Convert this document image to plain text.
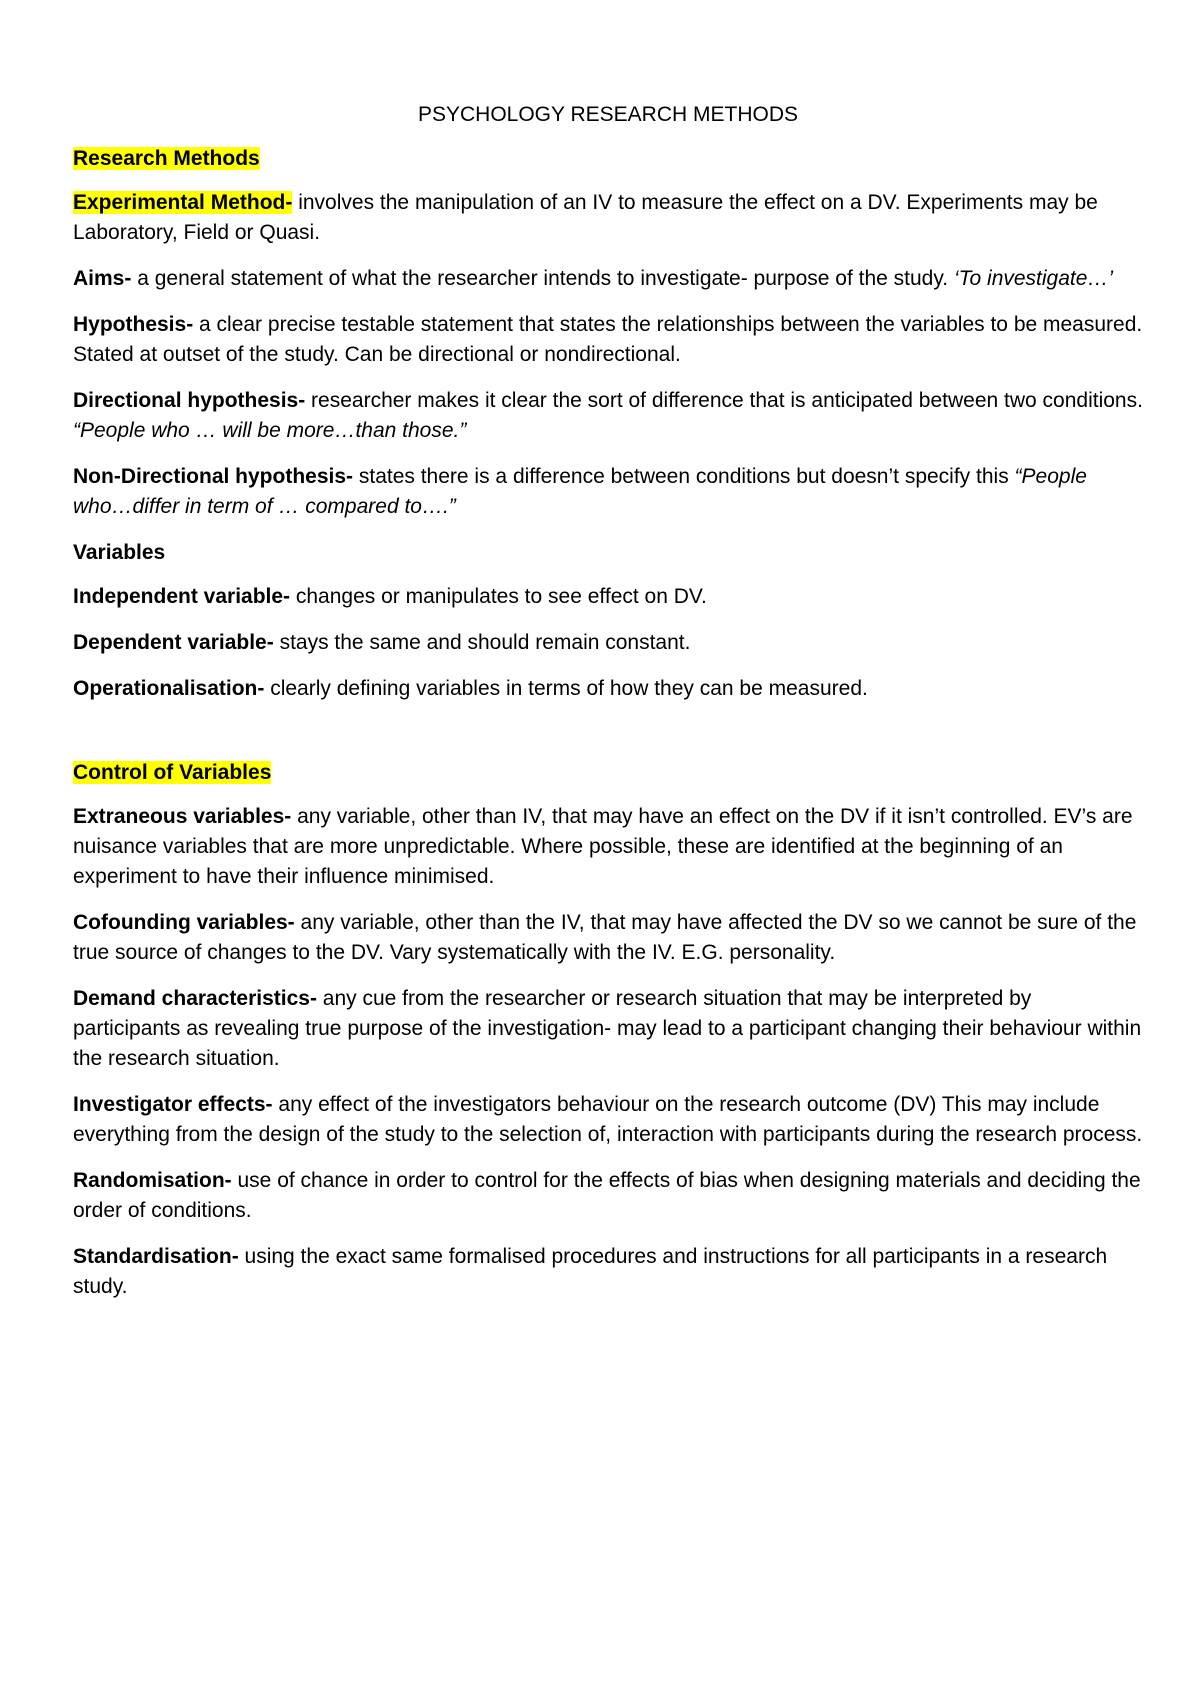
PSYCHOLOGY RESEARCH METHODS
Research Methods
Experimental Method- involves the manipulation of an IV to measure the effect on a DV. Experiments may be Laboratory, Field or Quasi.
Aims- a general statement of what the researcher intends to investigate- purpose of the study. ‘To investigate…’
Hypothesis- a clear precise testable statement that states the relationships between the variables to be measured. Stated at outset of the study. Can be directional or nondirectional.
Directional hypothesis- researcher makes it clear the sort of difference that is anticipated between two conditions. “People who … will be more…than those.”
Non-Directional hypothesis- states there is a difference between conditions but doesn’t specify this “People who…differ in term of … compared to….”
Variables
Independent variable- changes or manipulates to see effect on DV.
Dependent variable- stays the same and should remain constant.
Operationalisation- clearly defining variables in terms of how they can be measured.
Control of Variables
Extraneous variables- any variable, other than IV, that may have an effect on the DV if it isn’t controlled. EV’s are nuisance variables that are more unpredictable. Where possible, these are identified at the beginning of an experiment to have their influence minimised.
Cofounding variables- any variable, other than the IV, that may have affected the DV so we cannot be sure of the true source of changes to the DV. Vary systematically with the IV. E.G. personality.
Demand characteristics- any cue from the researcher or research situation that may be interpreted by participants as revealing true purpose of the investigation- may lead to a participant changing their behaviour within the research situation.
Investigator effects- any effect of the investigators behaviour on the research outcome (DV) This may include everything from the design of the study to the selection of, interaction with participants during the research process.
Randomisation- use of chance in order to control for the effects of bias when designing materials and deciding the order of conditions.
Standardisation- using the exact same formalised procedures and instructions for all participants in a research study.
